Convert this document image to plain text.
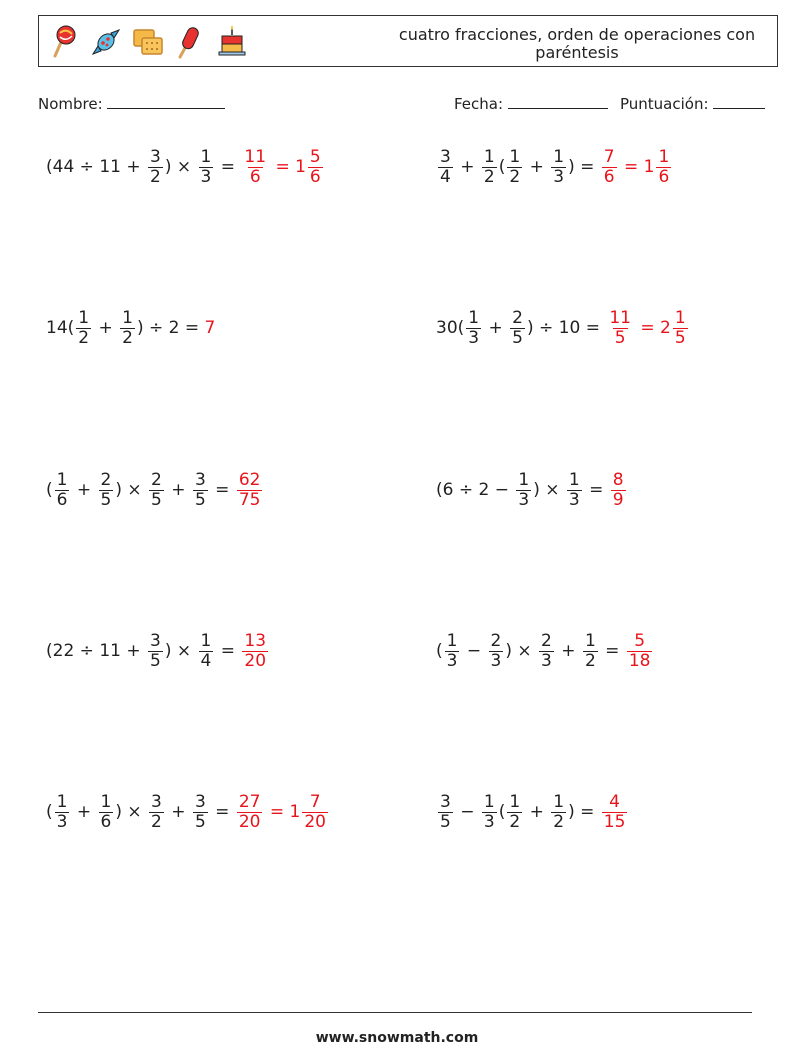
cuatro fracciones, orden de operaciones con paréntesis
Nombre:	Fecha:	Puntuación:
($44 \div 11 + \frac{3}{2}$ ) × $\frac{1}{3} = \frac{11}{6} = 1 \frac{5}{6}$	$\frac{3}{4} + \frac{1}{2}$ ( $\frac{1}{2} + \frac{1}{3}$ ) = $\frac{7}{6} = 1 \frac{1}{6}$
$14( \frac{1}{2} + \frac{1}{2}$ ) ÷ 2 = 7	$30( \frac{1}{3} + \frac{2}{5}$ ) ÷ $10 = \frac{11}{5} = 2 \frac{1}{5}$
( $\frac{1}{6} + \frac{2}{5}$ ) × $\frac{2}{5} + \frac{3}{5} = \frac{62}{75}$	($6 \div 2 - \frac{1}{3}$ ) × $\frac{1}{3} = \frac{8}{9}$
($22 \div 11 + \frac{3}{5}$ ) × $\frac{1}{4} = \frac{13}{20}$	( $\frac{1}{3} - \frac{2}{3}$ ) × $\frac{2}{3} + \frac{1}{2} = \frac{5}{18}$
( $\frac{1}{3} + \frac{1}{6}$ ) × $\frac{3}{2} + \frac{3}{5} = \frac{27}{20} = 1 \frac{7}{20}$	$\frac{3}{5} - \frac{1}{3}$ ( $\frac{1}{2} + \frac{1}{2}$ ) = $\frac{4}{15}$
www.snowmath.com
